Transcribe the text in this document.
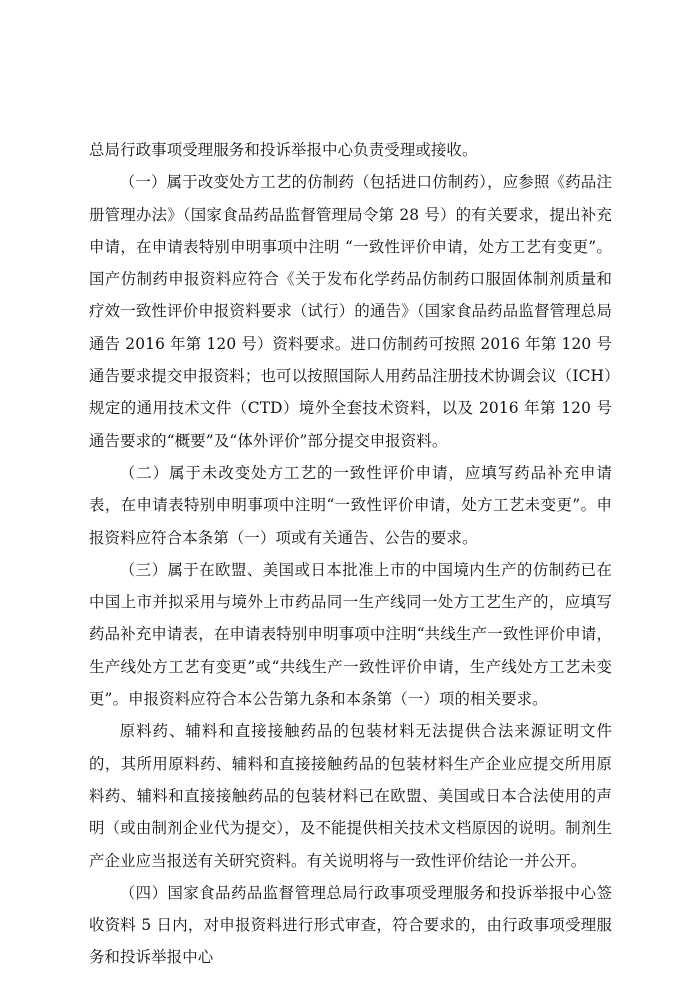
总局行政事项受理服务和投诉举报中心负责受理或接收。

（一）属于改变处方工艺的仿制药（包括进口仿制药），应参照《药品注册管理办法》（国家食品药品监督管理局令第 28 号）的有关要求，提出补充申请，在申请表特别申明事项中注明 “一致性评价申请，处方工艺有变更”。国产仿制药申报资料应符合《关于发布化学药品仿制药口服固体制剂质量和疗效一致性评价申报资料要求（试行）的通告》（国家食品药品监督管理总局通告 2016 年第 120 号）资料要求。进口仿制药可按照 2016 年第 120 号通告要求提交申报资料；也可以按照国际人用药品注册技术协调会议（ICH）规定的通用技术文件（CTD）境外全套技术资料，以及 2016 年第 120 号通告要求的“概要”及“体外评价”部分提交申报资料。

（二）属于未改变处方工艺的一致性评价申请，应填写药品补充申请表，在申请表特别申明事项中注明“一致性评价申请，处方工艺未变更”。申报资料应符合本条第（一）项或有关通告、公告的要求。

（三）属于在欧盟、美国或日本批准上市的中国境内生产的仿制药已在中国上市并拟采用与境外上市药品同一生产线同一处方工艺生产的，应填写药品补充申请表，在申请表特别申明事项中注明“共线生产一致性评价申请，生产线处方工艺有变更”或“共线生产一致性评价申请，生产线处方工艺未变更”。申报资料应符合本公告第九条和本条第（一）项的相关要求。

原料药、辅料和直接接触药品的包装材料无法提供合法来源证明文件的，其所用原料药、辅料和直接接触药品的包装材料生产企业应提交所用原料药、辅料和直接接触药品的包装材料已在欧盟、美国或日本合法使用的声明（或由制剂企业代为提交），及不能提供相关技术文档原因的说明。制剂生产企业应当报送有关研究资料。有关说明将与一致性评价结论一并公开。

（四）国家食品药品监督管理总局行政事项受理服务和投诉举报中心签收资料 5 日内，对申报资料进行形式审查，符合要求的，由行政事项受理服务和投诉举报中心
